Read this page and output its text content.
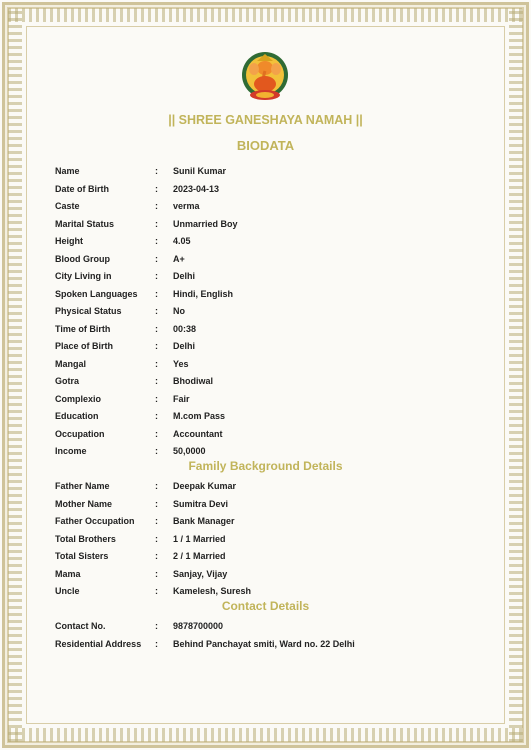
|| SHREE GANESHAYA NAMAH ||
BIODATA
Name	:	Sunil Kumar
Date of Birth	:	2023-04-13
Caste	:	verma
Marital Status	:	Unmarried Boy
Height	:	4.05
Blood Group	:	A+
City Living in	:	Delhi
Spoken Languages	:	Hindi, English
Physical Status	:	No
Time of Birth	:	00:38
Place of Birth	:	Delhi
Mangal	:	Yes
Gotra	:	Bhodiwal
Complexio	:	Fair
Education	:	M.com Pass
Occupation	:	Accountant
Income	:	50,0000
Family Background Details
Father Name	:	Deepak Kumar
Mother Name	:	Sumitra Devi
Father Occupation	:	Bank Manager
Total Brothers	:	1 / 1 Married
Total Sisters	:	2 / 1 Married
Mama	:	Sanjay, Vijay
Uncle	:	Kamelesh, Suresh
Contact Details
Contact No.	:	9878700000
Residential Address	:	Behind Panchayat smiti, Ward no. 22 Delhi
